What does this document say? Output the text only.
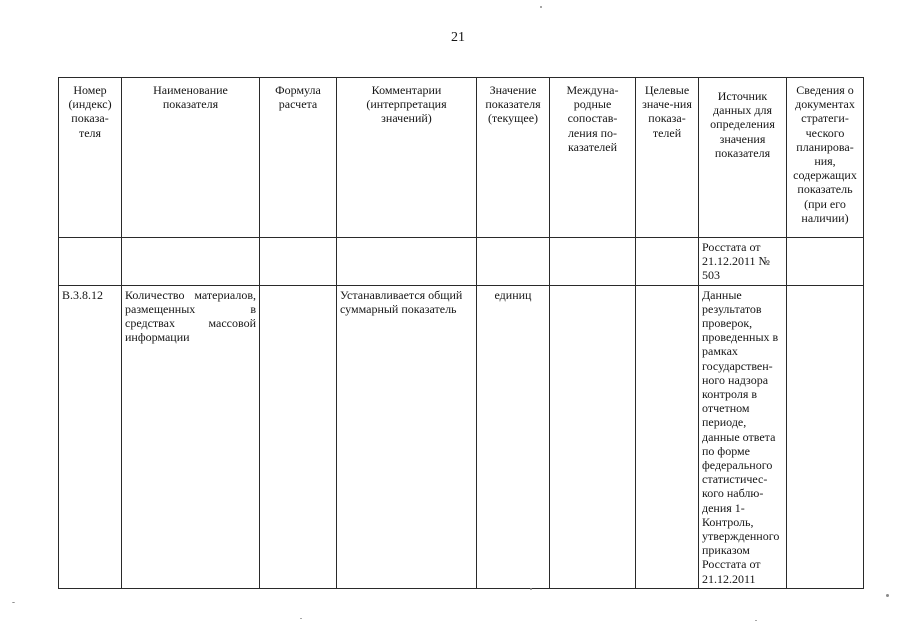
21
Номер (индекс) показа-теля	Наименование показателя	Формула расчета	Комментарии (интерпретация значений)	Значение показателя (текущее)	Междуна-родные сопостав-ления по-казателей	Целевые значе-ния показа-телей	Источник данных для определения значения показателя	Сведения о документах стратеги-ческого планирова-ния, содержащих показатель (при его наличии)
							Росстата от 21.12.2011 № 503	
В.3.8.12	Количество материалов, размещенных в средствах массовой информации		Устанавливается общий суммарный показатель	единиц			Данные результатов проверок, проведенных в рамках государствен-ного надзора контроля в отчетном периоде, данные ответа по форме федерального статистичес-кого наблю-дения 1-Контроль, утвержденного приказом Росстата от 21.12.2011	
